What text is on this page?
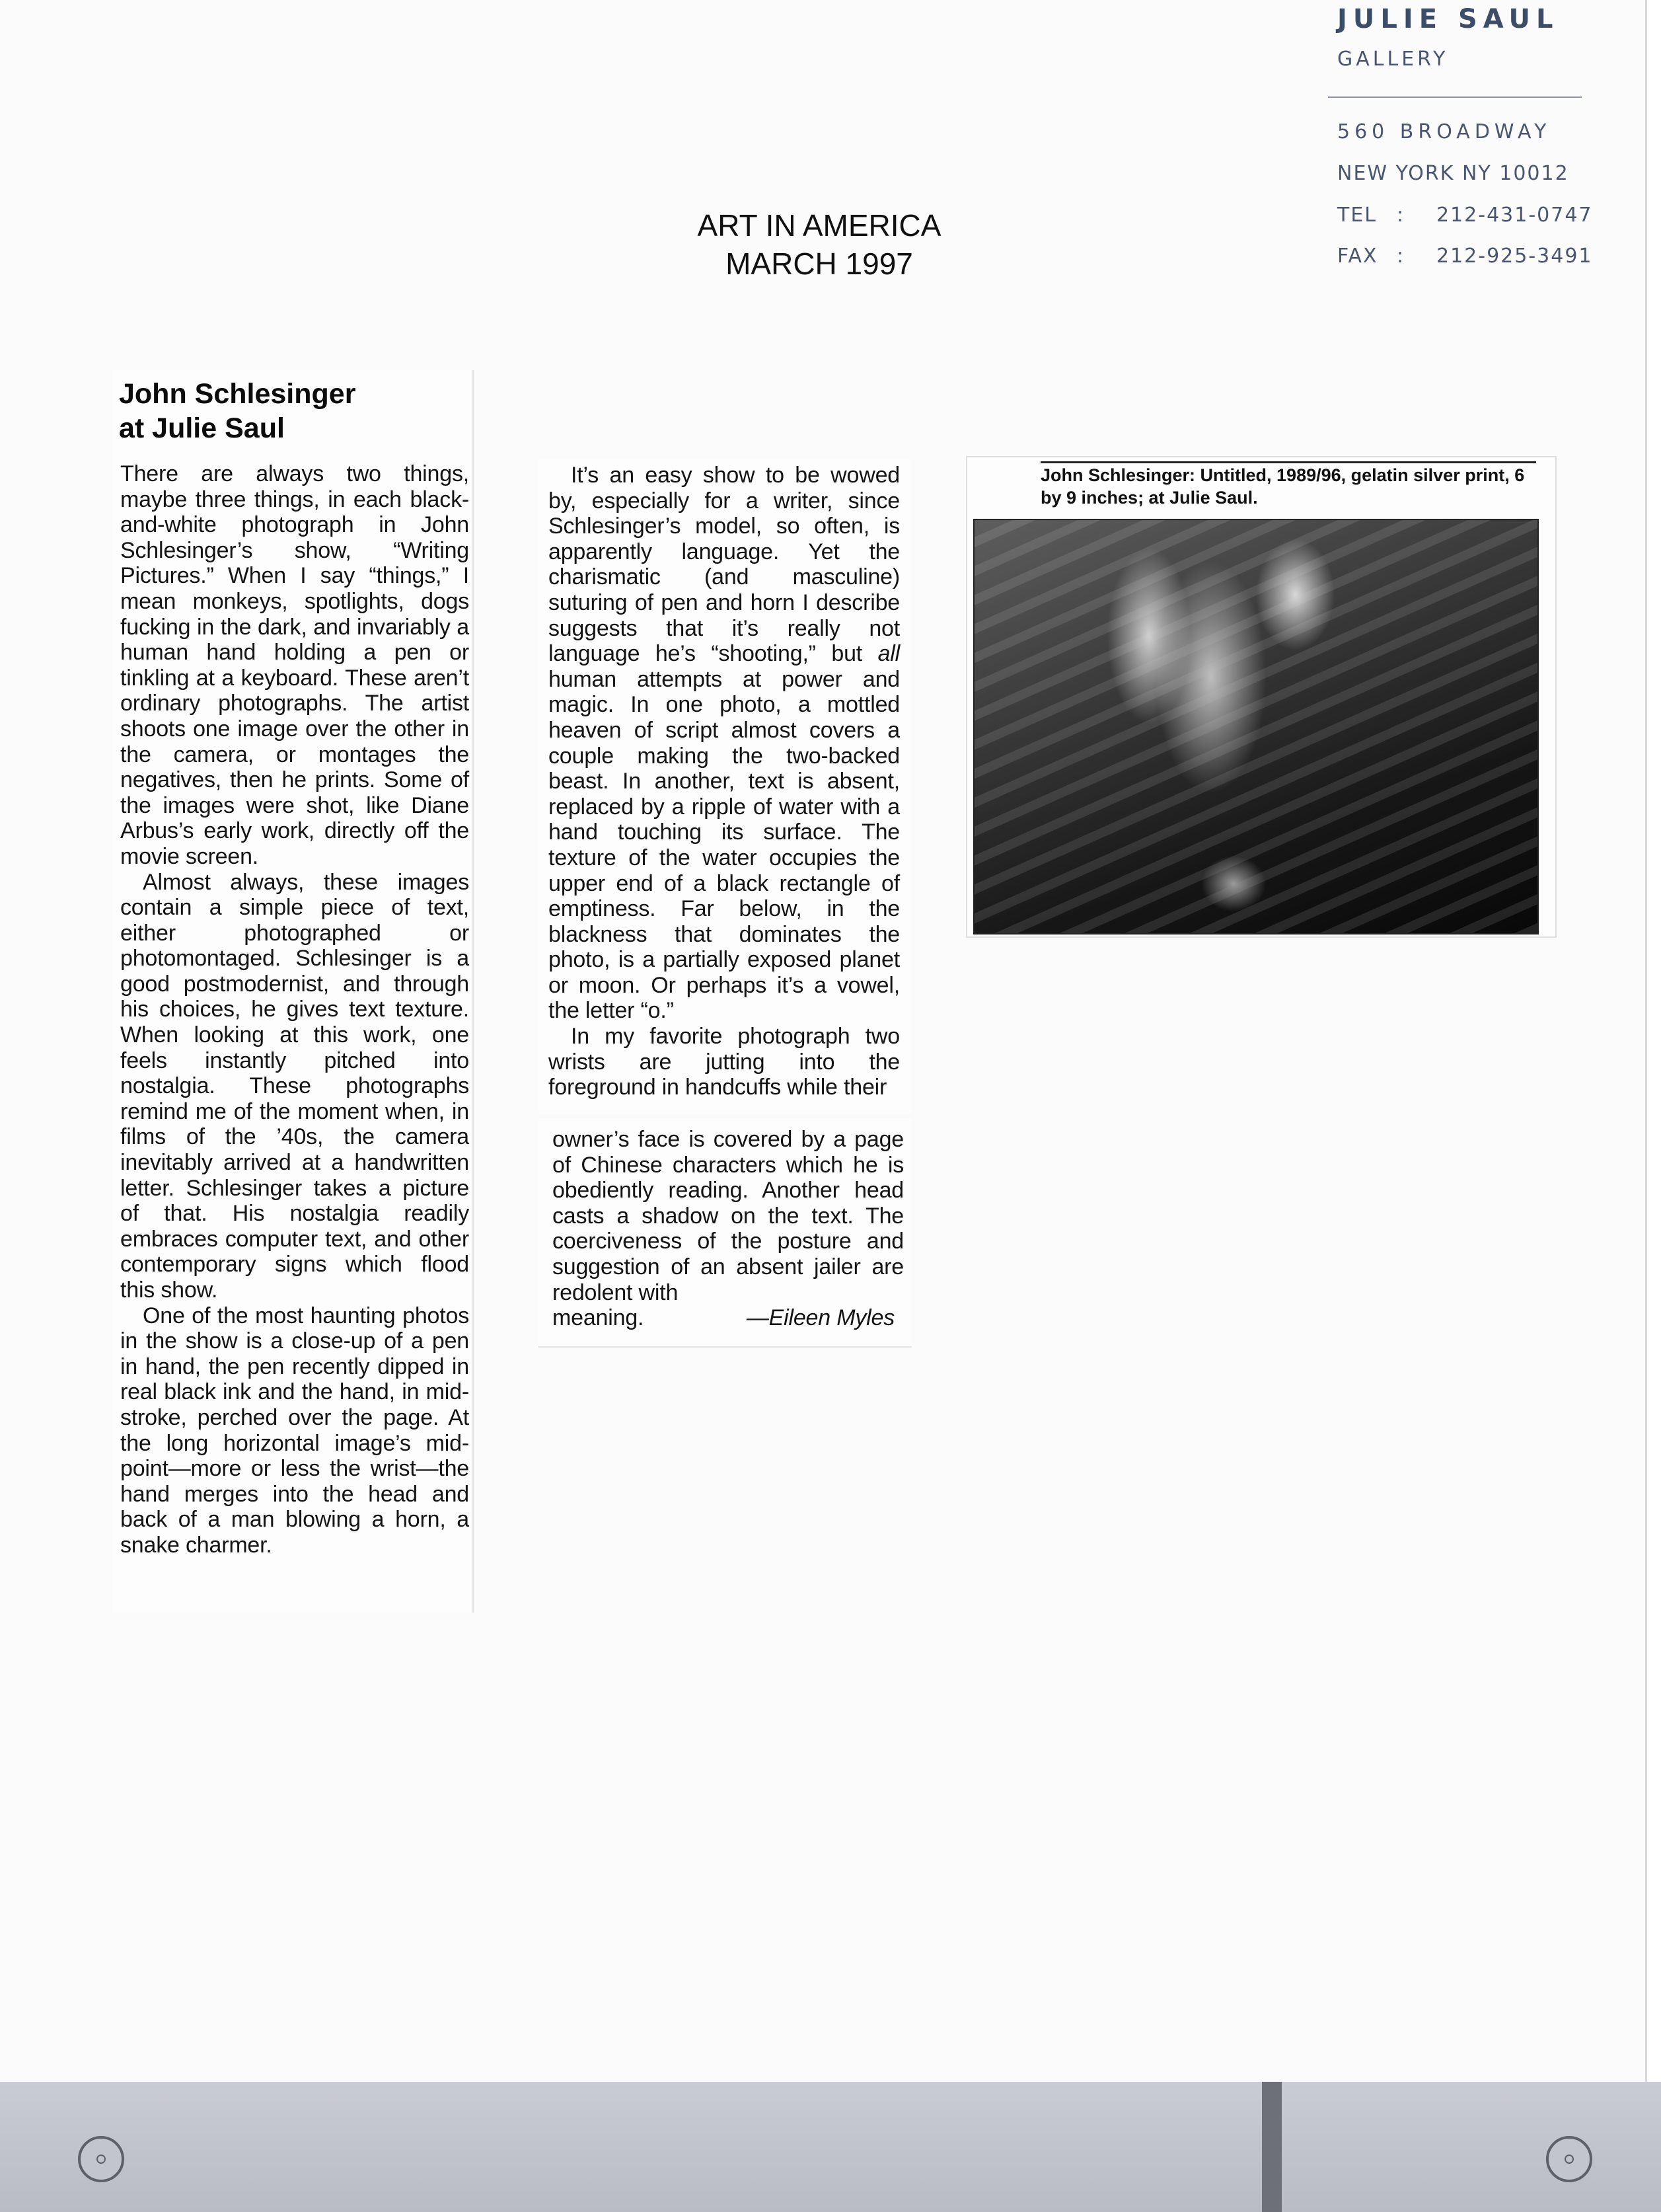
JULIE SAUL
GALLERY
560 BROADWAY
NEW YORK NY 10012
TEL : 212-431-0747
FAX : 212-925-3491
ART IN AMERICA
MARCH 1997
John Schlesinger
at Julie Saul

There are always two things, maybe three things, in each black-and-white photograph in John Schlesinger’s show, “Writing Pictures.” When I say “things,” I mean monkeys, spotlights, dogs fucking in the dark, and invariably a human hand holding a pen or tinkling at a keyboard. These aren’t ordinary photographs. The artist shoots one image over the other in the camera, or montages the negatives, then he prints. Some of the images were shot, like Diane Arbus’s early work, directly off the movie screen.

Almost always, these images contain a simple piece of text, either photographed or photomontaged. Schlesinger is a good postmodernist, and through his choices, he gives text texture. When looking at this work, one feels instantly pitched into nostalgia. These photographs remind me of the moment when, in films of the ’40s, the camera inevitably arrived at a handwritten letter. Schlesinger takes a picture of that. His nostalgia readily embraces computer text, and other contemporary signs which flood this show.

One of the most haunting photos in the show is a close-up of a pen in hand, the pen recently dipped in real black ink and the hand, in mid-stroke, perched over the page. At the long horizontal image’s mid-point—more or less the wrist—the hand merges into the head and back of a man blowing a horn, a snake charmer.

It’s an easy show to be wowed by, especially for a writer, since Schlesinger’s model, so often, is apparently language. Yet the charismatic (and masculine) suturing of pen and horn I describe suggests that it’s really not language he’s “shooting,” but all human attempts at power and magic. In one photo, a mottled heaven of script almost covers a couple making the two-backed beast. In another, text is absent, replaced by a ripple of water with a hand touching its surface. The texture of the water occupies the upper end of a black rectangle of emptiness. Far below, in the blackness that dominates the photo, is a partially exposed planet or moon. Or perhaps it’s a vowel, the letter “o.”

In my favorite photograph two wrists are jutting into the foreground in handcuffs while their

owner’s face is covered by a page of Chinese characters which he is obediently reading. Another head casts a shadow on the text. The coerciveness of the posture and suggestion of an absent jailer are redolent with

meaning.	—Eileen Myles
John Schlesinger: Untitled, 1989/96, gelatin silver print, 6 by 9 inches; at Julie Saul.
